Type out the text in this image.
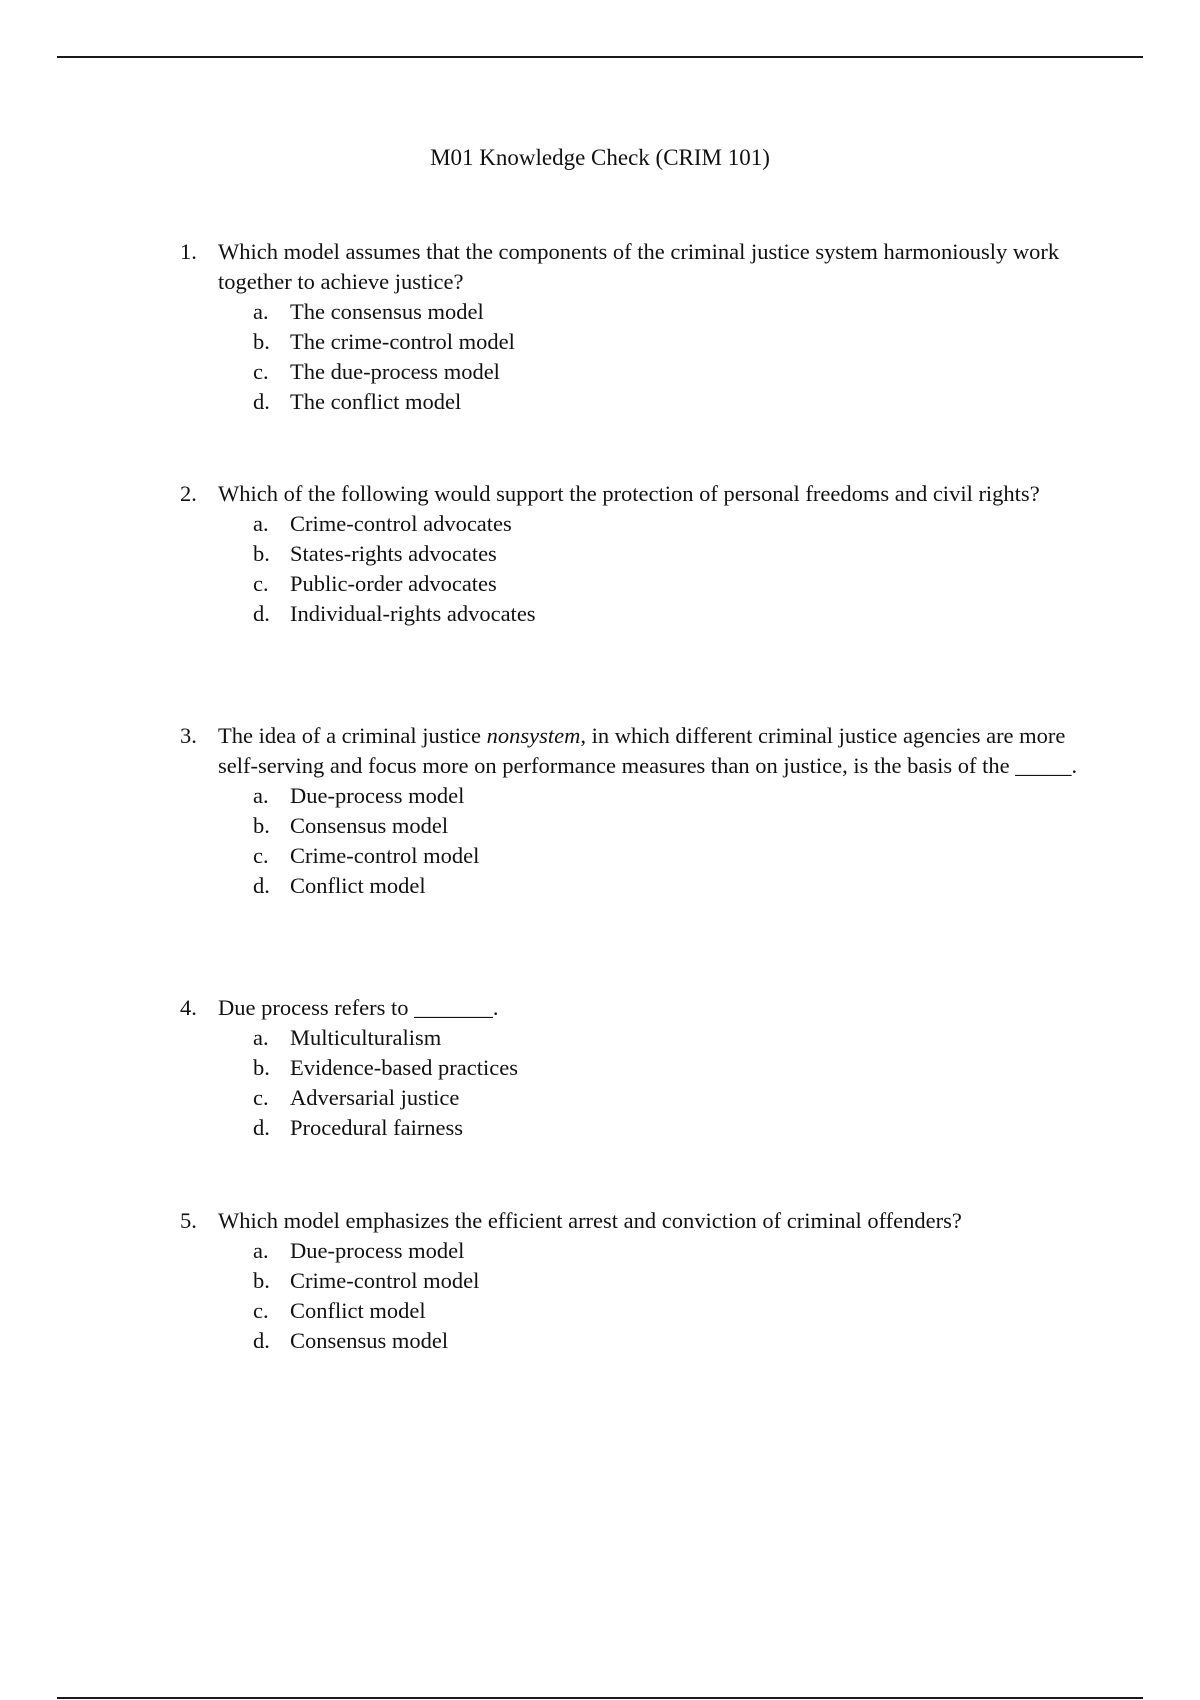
M01 Knowledge Check (CRIM 101)
1. Which model assumes that the components of the criminal justice system harmoniously work together to achieve justice?
a. The consensus model
b. The crime-control model
c. The due-process model
d. The conflict model
2. Which of the following would support the protection of personal freedoms and civil rights?
a. Crime-control advocates
b. States-rights advocates
c. Public-order advocates
d. Individual-rights advocates
3. The idea of a criminal justice nonsystem, in which different criminal justice agencies are more self-serving and focus more on performance measures than on justice, is the basis of the _____.
a. Due-process model
b. Consensus model
c. Crime-control model
d. Conflict model
4. Due process refers to _______.
a. Multiculturalism
b. Evidence-based practices
c. Adversarial justice
d. Procedural fairness
5. Which model emphasizes the efficient arrest and conviction of criminal offenders?
a. Due-process model
b. Crime-control model
c. Conflict model
d. Consensus model
